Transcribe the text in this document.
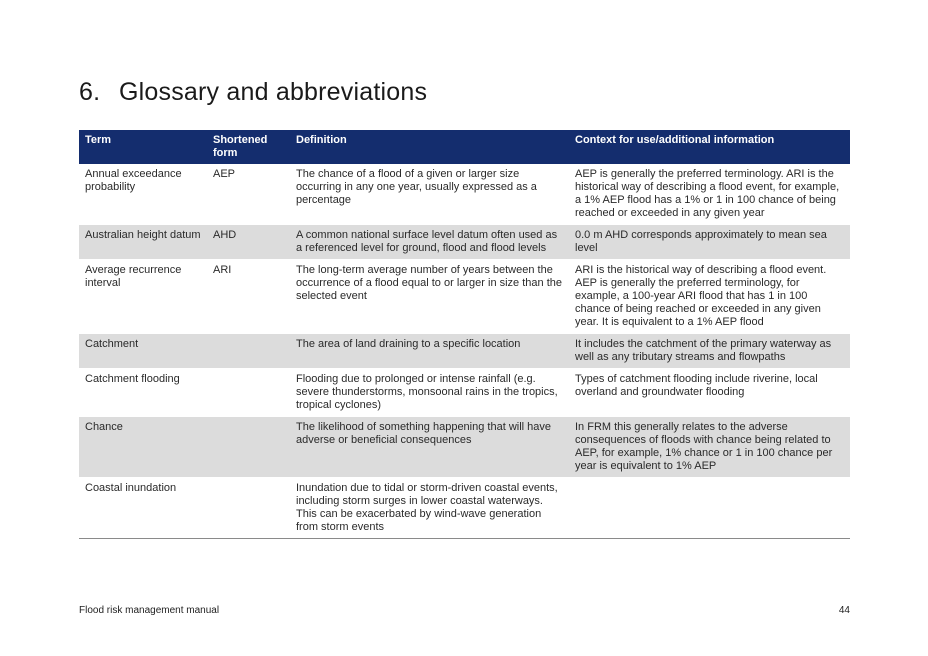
6. Glossary and abbreviations
Term	Shortened form	Definition	Context for use/additional information
Annual exceedance probability	AEP	The chance of a flood of a given or larger size occurring in any one year, usually expressed as a percentage	AEP is generally the preferred terminology. ARI is the historical way of describing a flood event, for example, a 1% AEP flood has a 1% or 1 in 100 chance of being reached or exceeded in any given year
Australian height datum	AHD	A common national surface level datum often used as a referenced level for ground, flood and flood levels	0.0 m AHD corresponds approximately to mean sea level
Average recurrence interval	ARI	The long-term average number of years between the occurrence of a flood equal to or larger in size than the selected event	ARI is the historical way of describing a flood event. AEP is generally the preferred terminology, for example, a 100-year ARI flood that has 1 in 100 chance of being reached or exceeded in any given year. It is equivalent to a 1% AEP flood
Catchment		The area of land draining to a specific location	It includes the catchment of the primary waterway as well as any tributary streams and flowpaths
Catchment flooding		Flooding due to prolonged or intense rainfall (e.g. severe thunderstorms, monsoonal rains in the tropics, tropical cyclones)	Types of catchment flooding include riverine, local overland and groundwater flooding
Chance		The likelihood of something happening that will have adverse or beneficial consequences	In FRM this generally relates to the adverse consequences of floods with chance being related to AEP, for example, 1% chance or 1 in 100 chance per year is equivalent to 1% AEP
Coastal inundation		Inundation due to tidal or storm-driven coastal events, including storm surges in lower coastal waterways. This can be exacerbated by wind-wave generation from storm events	
Flood risk management manual	44
